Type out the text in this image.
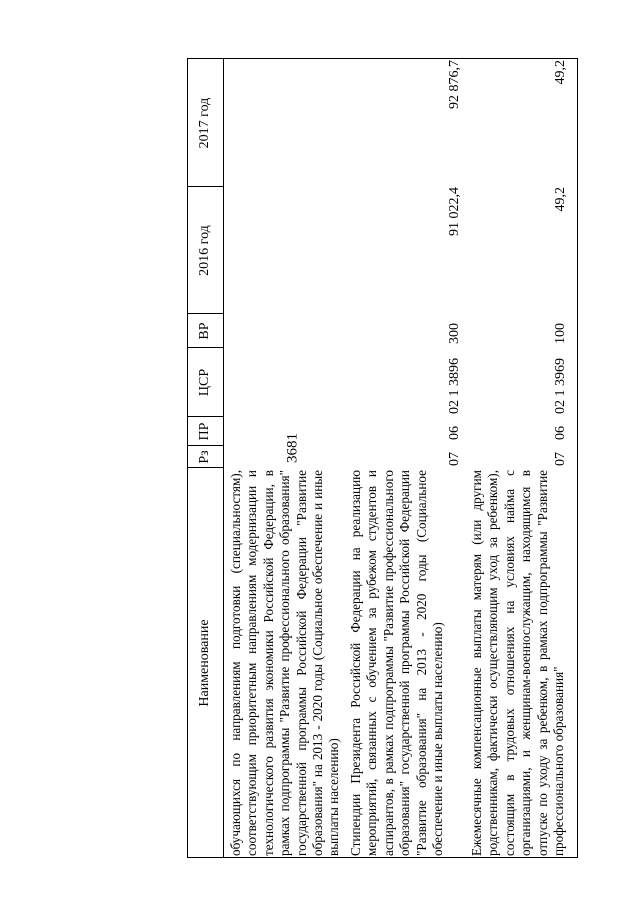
3681
Наименование
Рз
ПР
ЦСР
ВР
2016 год
2017 год
обучающихся по направлениям подготовки (специальностям), соответствующим приоритетным направлениям модернизации и технологического развития экономики Российской Федерации, в рамках подпрограммы "Развитие профессионального образования" государственной программы Российской Федерации "Развитие образования" на 2013 - 2020 годы (Социальное обеспечение и иные выплаты населению) Стипендии Президента Российской Федерации на реализацию мероприятий, связанных с обучением за рубежом студентов и аспирантов, в рамках подпрограммы "Развитие профессионального образования" государственной программы Российской Федерации "Развитие образования" на 2013 - 2020 годы (Социальное обеспечение и иные выплаты населению)
07
06
02 1 3896
300
91 022,4
92 876,7
Ежемесячные компенсационные выплаты матерям (или другим родственникам, фактически осуществляющим уход за ребенком), состоящим в трудовых отношениях на условиях найма с организациями, и женщинам-военнослужащим, находящимся в отпуске по уходу за ребенком, в рамках подпрограммы "Развитие профессионального образования"
07
06
02 1 3969
100
49,2
49,2
